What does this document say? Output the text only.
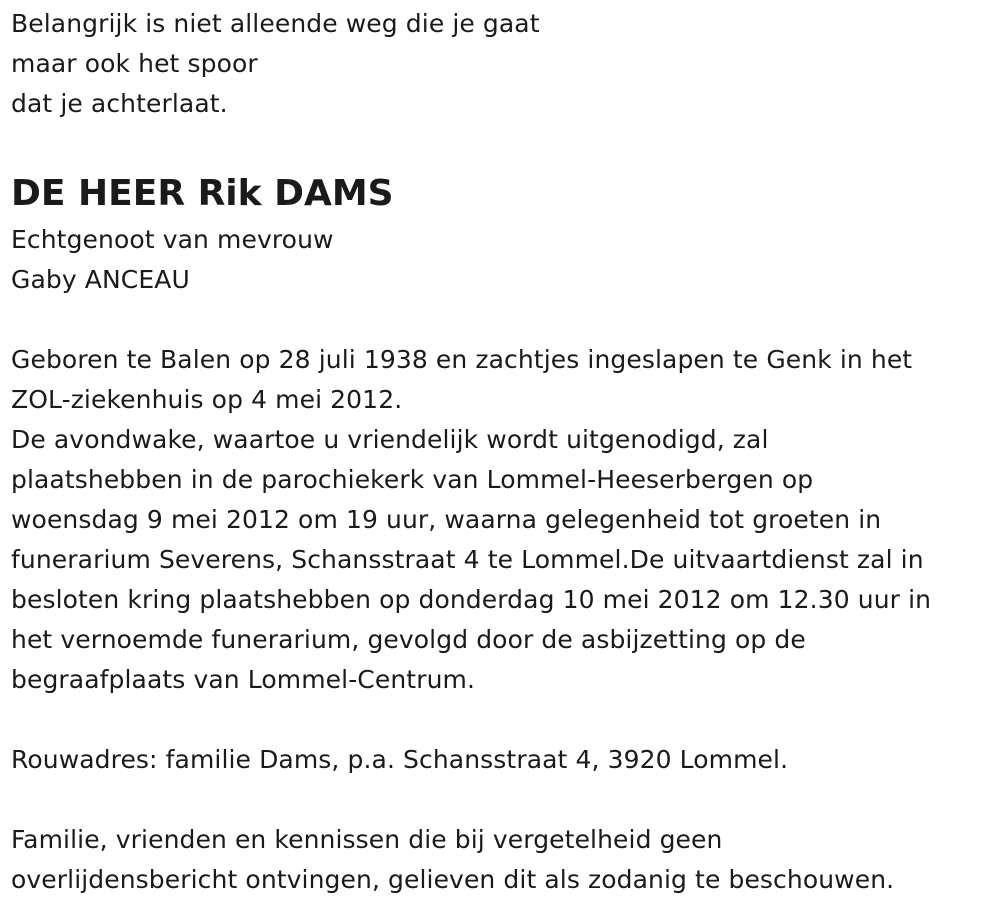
Belangrijk is niet alleende weg die je gaat
maar ook het spoor
dat je achterlaat.
DE HEER Rik DAMS
Echtgenoot van mevrouw
Gaby ANCEAU
Geboren te Balen op 28 juli 1938 en zachtjes ingeslapen te Genk in het
ZOL-ziekenhuis op 4 mei 2012.
De avondwake, waartoe u vriendelijk wordt uitgenodigd, zal
plaatshebben in de parochiekerk van Lommel-Heeserbergen op
woensdag 9 mei 2012 om 19 uur, waarna gelegenheid tot groeten in
funerarium Severens, Schansstraat 4 te Lommel.De uitvaartdienst zal in
besloten kring plaatshebben op donderdag 10 mei 2012 om 12.30 uur in
het vernoemde funerarium, gevolgd door de asbijzetting op de
begraafplaats van Lommel-Centrum.
Rouwadres: familie Dams, p.a. Schansstraat 4, 3920 Lommel.
Familie, vrienden en kennissen die bij vergetelheid geen
overlijdensbericht ontvingen, gelieven dit als zodanig te beschouwen.
